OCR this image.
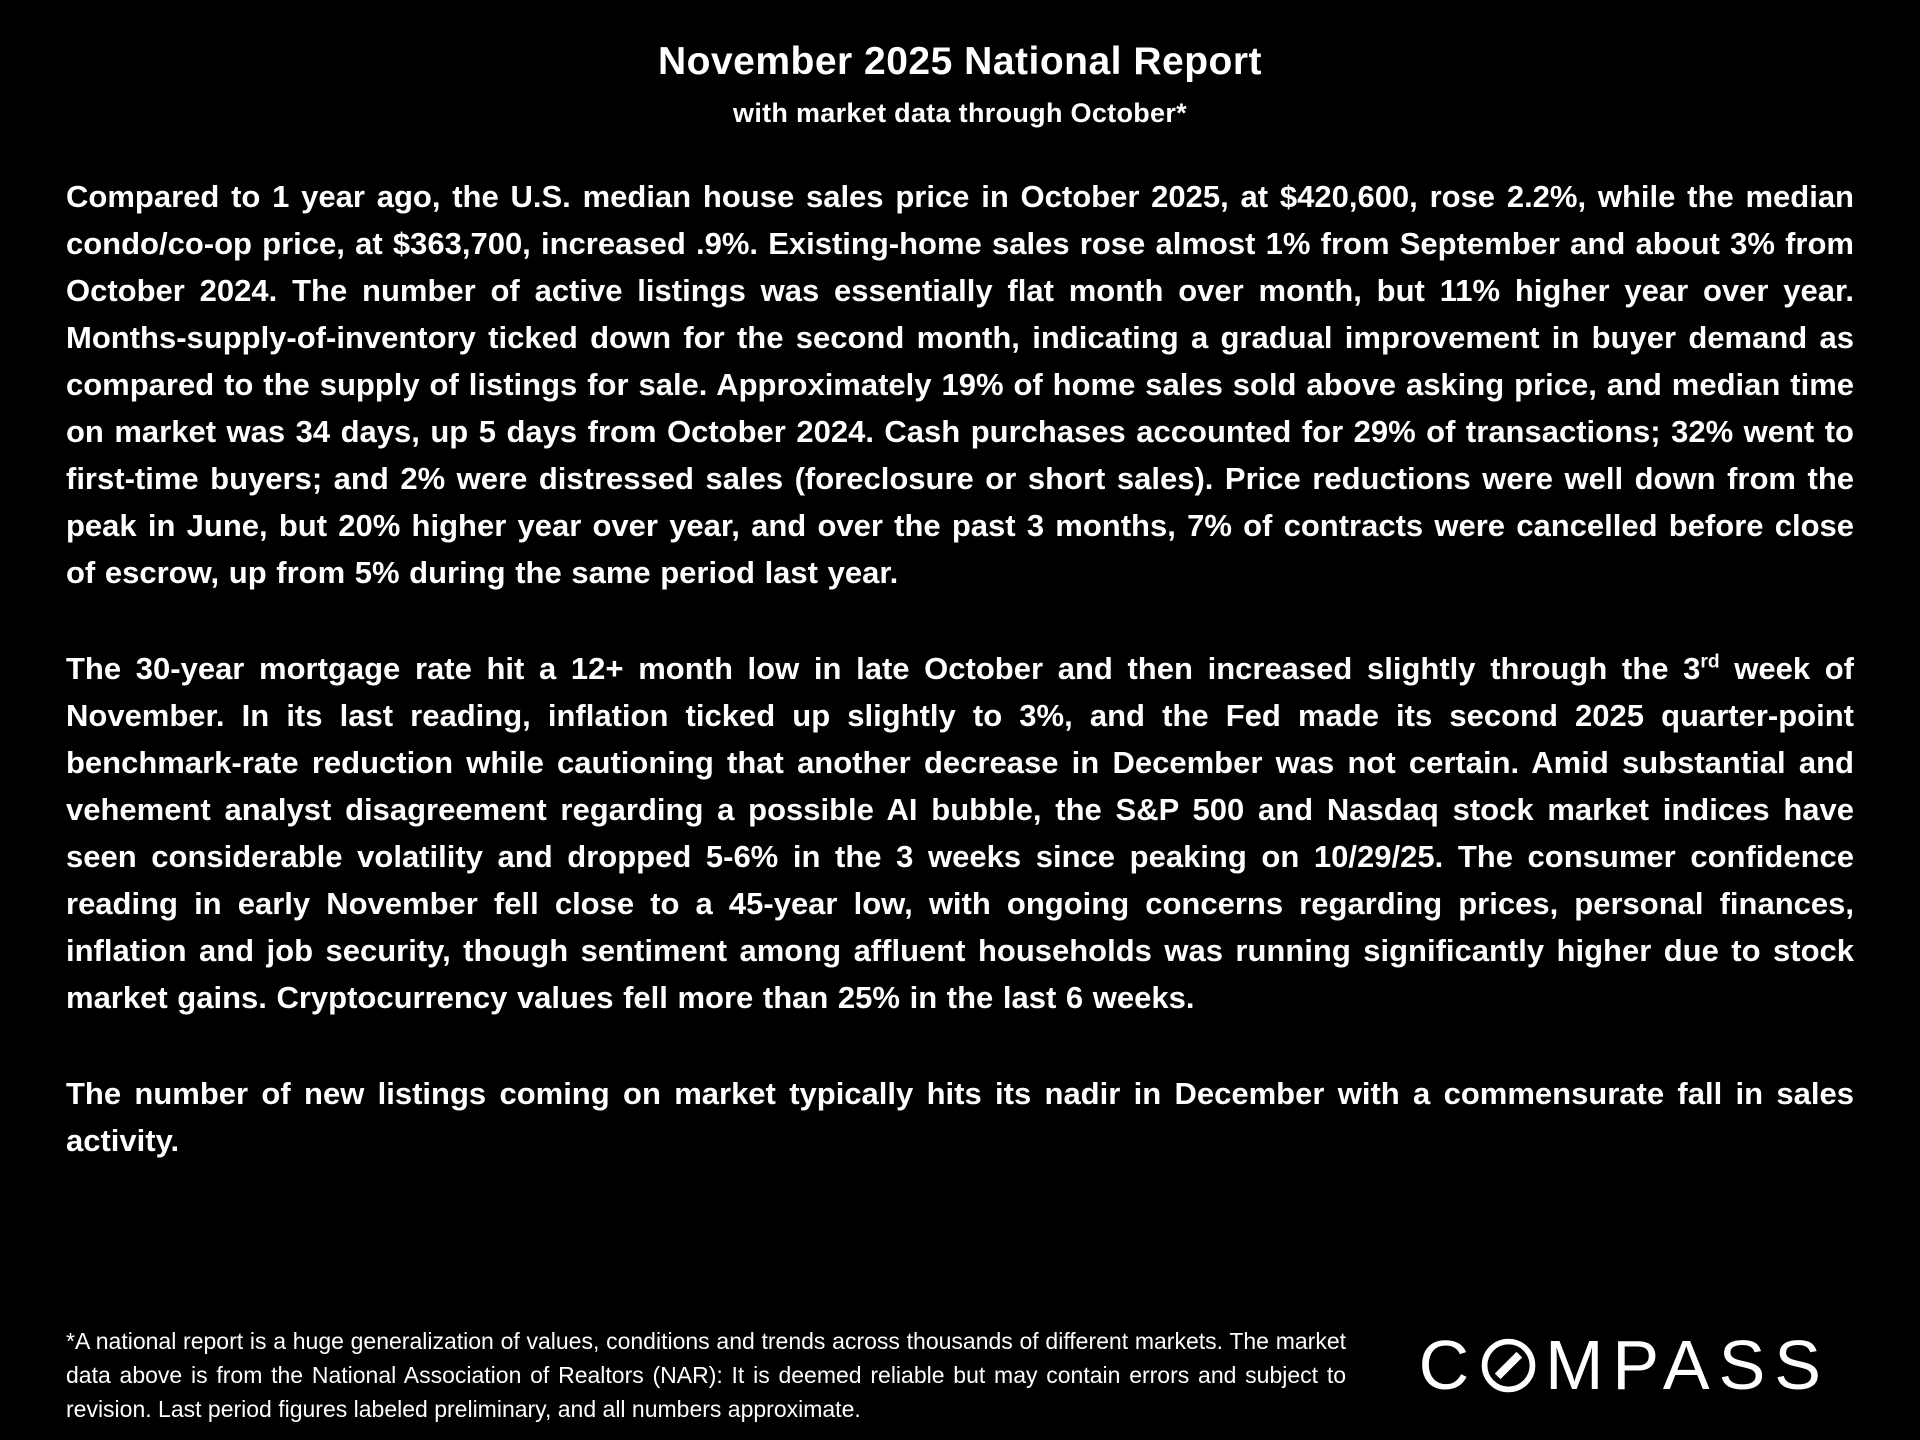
November 2025 National Report
with market data through October*

Compared to 1 year ago, the U.S. median house sales price in October 2025, at $420,600, rose 2.2%, while the median condo/co-op price, at $363,700, increased .9%. Existing-home sales rose almost 1% from September and about 3% from October 2024. The number of active listings was essentially flat month over month, but 11% higher year over year. Months-supply-of-inventory ticked down for the second month, indicating a gradual improvement in buyer demand as compared to the supply of listings for sale. Approximately 19% of home sales sold above asking price, and median time on market was 34 days, up 5 days from October 2024. Cash purchases accounted for 29% of transactions; 32% went to first-time buyers; and 2% were distressed sales (foreclosure or short sales). Price reductions were well down from the peak in June, but 20% higher year over year, and over the past 3 months, 7% of contracts were cancelled before close of escrow, up from 5% during the same period last year.

The 30-year mortgage rate hit a 12+ month low in late October and then increased slightly through the 3rd week of November. In its last reading, inflation ticked up slightly to 3%, and the Fed made its second 2025 quarter-point benchmark-rate reduction while cautioning that another decrease in December was not certain. Amid substantial and vehement analyst disagreement regarding a possible AI bubble, the S&P 500 and Nasdaq stock market indices have seen considerable volatility and dropped 5-6% in the 3 weeks since peaking on 10/29/25. The consumer confidence reading in early November fell close to a 45-year low, with ongoing concerns regarding prices, personal finances, inflation and job security, though sentiment among affluent households was running significantly higher due to stock market gains. Cryptocurrency values fell more than 25% in the last 6 weeks.

The number of new listings coming on market typically hits its nadir in December with a commensurate fall in sales activity.

*A national report is a huge generalization of values, conditions and trends across thousands of different markets. The market data above is from the National Association of Realtors (NAR): It is deemed reliable but may contain errors and subject to revision. Last period figures labeled preliminary, and all numbers approximate.

C MPASS
